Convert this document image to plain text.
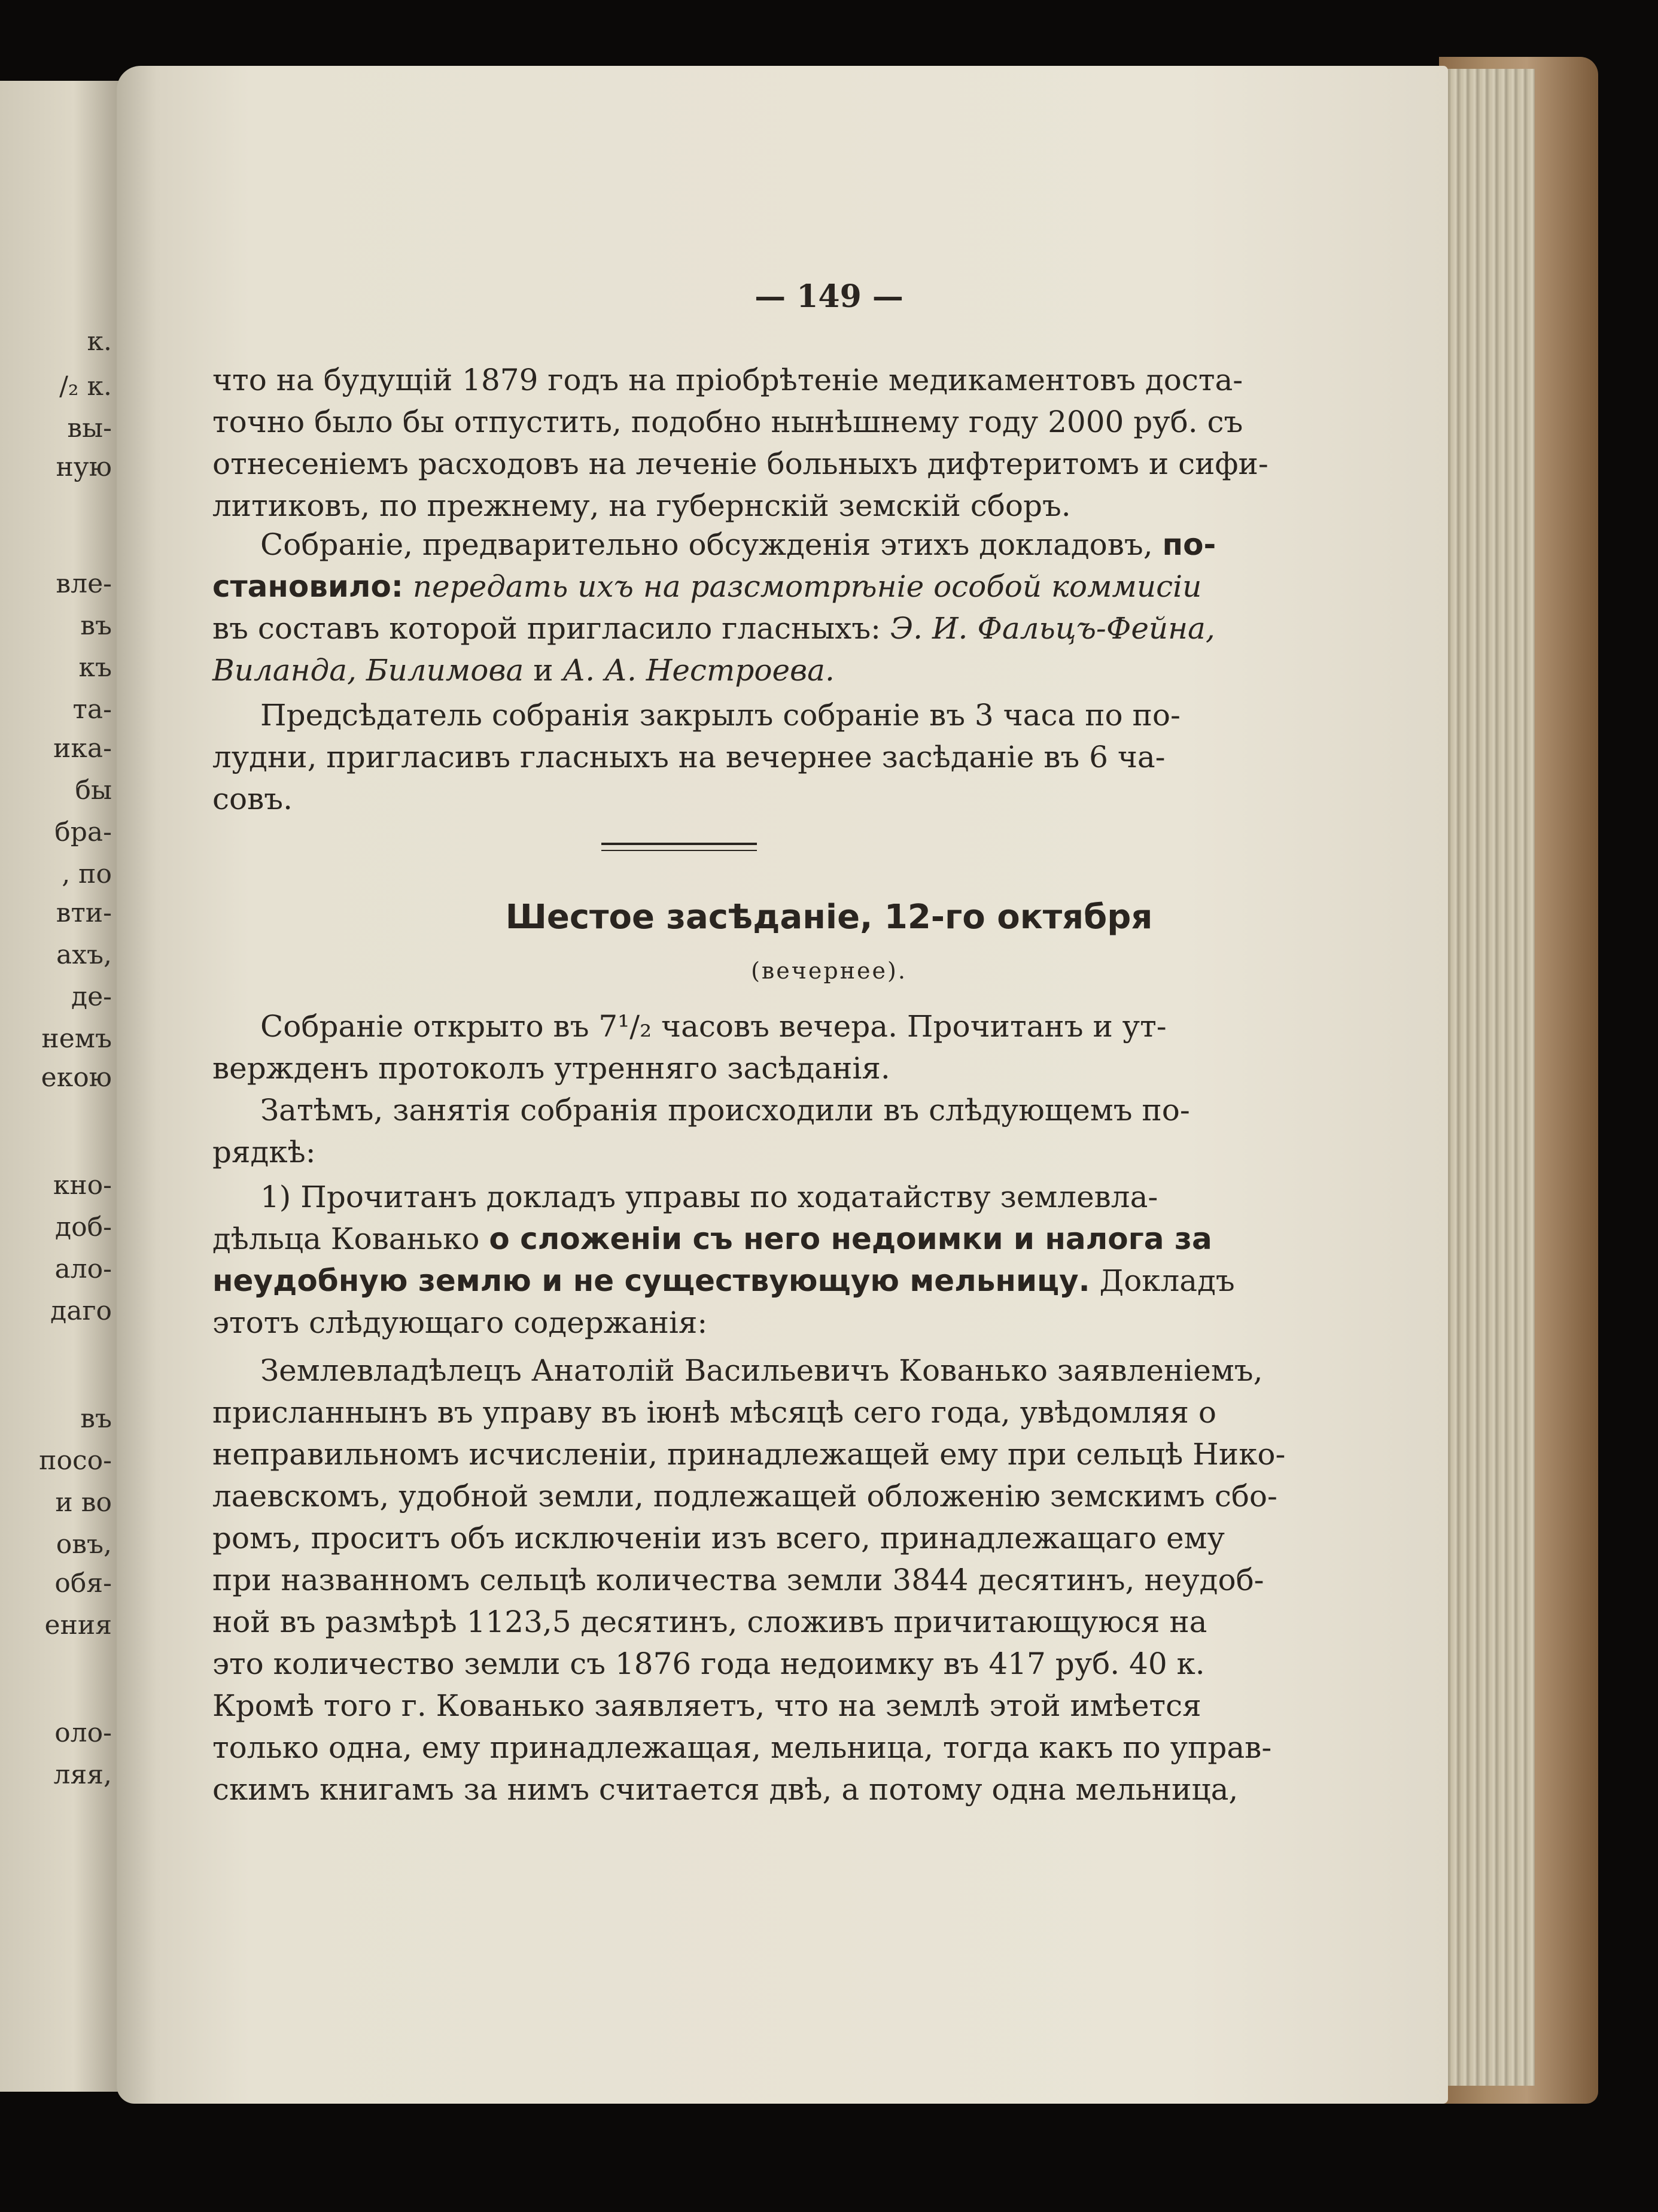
к.

/₂ к.

вы-

ную

вле-

въ

къ

та-

ика-

бы

бра-

, по

вти-

ахъ,

де-

немъ

екою

кно-

доб-

ало-

даго

въ

посо-

и во

овъ,

обя-

ения

оло-

ляя,

— 149 —

что на будущій 1879 годъ на пріобрѣтеніе медикаментовъ доста-

точно было бы отпустить, подобно нынѣшнему году 2000 руб. съ

отнесеніемъ расходовъ на леченіе больныхъ дифтеритомъ и сифи-

литиковъ, по прежнему, на губернскій земскій сборъ.

Собраніе, предварительно обсужденія этихъ докладовъ, по-

становило: передать ихъ на разсмотрѣніе особой коммисіи

въ составъ которой пригласило гласныхъ: Э. И. Фальцъ-Фейна,

Виланда, Билимова и А. А. Нестроева.

Предсѣдатель собранія закрылъ собраніе въ 3 часа по по-

лудни, пригласивъ гласныхъ на вечернее засѣданіе въ 6 ча-

совъ.

Шестое засѣданіе, 12-го октября

(вечернее).

Собраніе открыто въ 7¹/₂ часовъ вечера. Прочитанъ и ут-

вержденъ протоколъ утренняго засѣданія.

Затѣмъ, занятія собранія происходили въ слѣдующемъ по-

рядкѣ:

1) Прочитанъ докладъ управы по ходатайству землевла-

дѣльца Кованько о сложеніи съ него недоимки и налога за

неудобную землю и не существующую мельницу. Докладъ

этотъ слѣдующаго содержанія:

Землевладѣлецъ Анатолій Васильевичъ Кованько заявленіемъ,

присланнынъ въ управу въ іюнѣ мѣсяцѣ сего года, увѣдомляя о

неправильномъ исчисленіи, принадлежащей ему при сельцѣ Нико-

лаевскомъ, удобной земли, подлежащей обложенію земскимъ сбо-

ромъ, проситъ объ исключеніи изъ всего, принадлежащаго ему

при названномъ сельцѣ количества земли 3844 десятинъ, неудоб-

ной въ размѣрѣ 1123,5 десятинъ, сложивъ причитающуюся на

это количество земли съ 1876 года недоимку въ 417 руб. 40 к.

Кромѣ того г. Кованько заявляетъ, что на землѣ этой имѣется

только одна, ему принадлежащая, мельница, тогда какъ по управ-

скимъ книгамъ за нимъ считается двѣ, а потому одна мельница,
